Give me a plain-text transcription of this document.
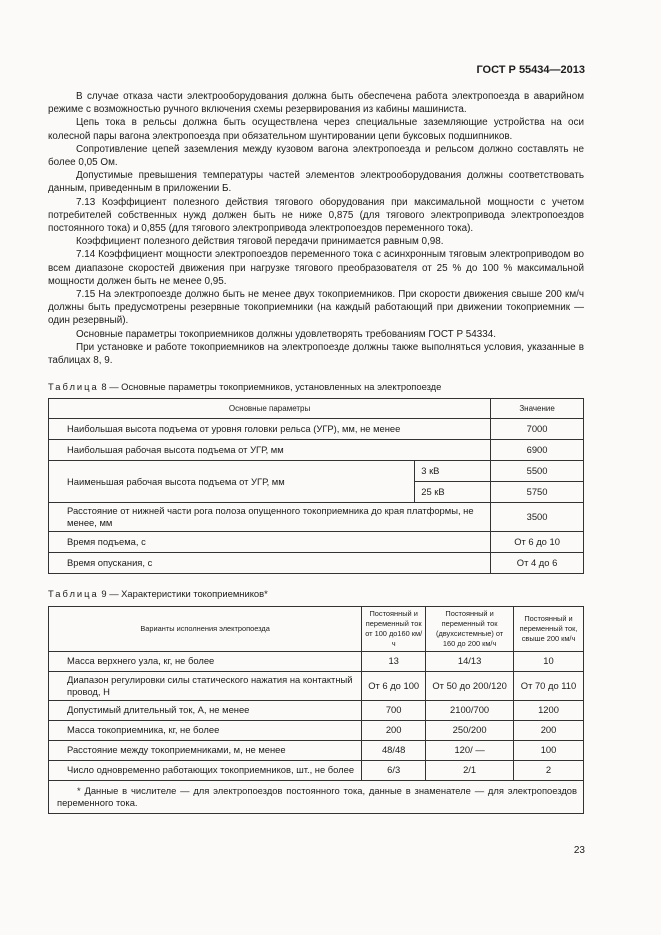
ГОСТ Р 55434—2013

В случае отказа части электрооборудования должна быть обеспечена работа электропоезда в аварийном режиме с возможностью ручного включения схемы резервирования из кабины машиниста.

Цепь тока в рельсы должна быть осуществлена через специальные заземляющие устройства на оси колесной пары вагона электропоезда при обязательном шунтировании цепи буксовых подшипников.

Сопротивление цепей заземления между кузовом вагона электропоезда и рельсом должно составлять не более 0,05 Ом.

Допустимые превышения температуры частей элементов электрооборудования должны соответствовать данным, приведенным в приложении Б.

7.13 Коэффициент полезного действия тягового оборудования при максимальной мощности с учетом потребителей собственных нужд должен быть не ниже 0,875 (для тягового электропривода электропоездов постоянного тока) и 0,855 (для тягового электропривода электропоездов переменного тока).

Коэффициент полезного действия тяговой передачи принимается равным 0,98.

7.14 Коэффициент мощности электропоездов переменного тока с асинхронным тяговым электроприводом во всем диапазоне скоростей движения при нагрузке тягового преобразователя от 25 % до 100 % максимальной мощности должен быть не менее 0,95.

7.15 На электропоезде должно быть не менее двух токоприемников. При скорости движения свыше 200 км/ч должны быть предусмотрены резервные токоприемники (на каждый работающий при движении токоприемник — один резервный).

Основные параметры токоприемников должны удовлетворять требованиям ГОСТ Р 54334.

При установке и работе токоприемников на электропоезде должны также выполняться условия, указанные в таблицах 8, 9.

Таблица 8 — Основные параметры токоприемников, установленных на электропоезде
Основные параметры		Значение
Наибольшая высота подъема от уровня головки рельса (УГР), мм, не менее		7000
Наибольшая рабочая высота подъема от УГР, мм		6900
Наименьшая рабочая высота подъема от УГР, мм	3 кВ	5500
	25 кВ	5750
Расстояние от нижней части рога полоза опущенного токоприемника до края платформы, не менее, мм		3500
Время подъема, с		От 6 до 10
Время опускания, с		От 4 до 6
Таблица 9 — Характеристики токоприемников*
Варианты исполнения электропоезда	Постоянный и переменный ток от 100 до160 км/ч	Постоянный и переменный ток (двухсистемные) от 160 до 200 км/ч	Постоянный и переменный ток, свыше 200 км/ч
Масса верхнего узла, кг, не более	13	14/13	10
Диапазон регулировки силы статического нажатия на контактный провод, Н	От 6 до 100	От 50 до 200/120	От 70 до 110
Допустимый длительный ток, А, не менее	700	2100/700	1200
Масса токоприемника, кг, не более	200	250/200	200
Расстояние между токоприемниками, м, не менее	48/48	120/ —	100
Число одновременно работающих токоприемников, шт., не более	6/3	2/1	2
* Данные в числителе — для электропоездов постоянного тока, данные в знаменателе — для электропоездов переменного тока.			
23
